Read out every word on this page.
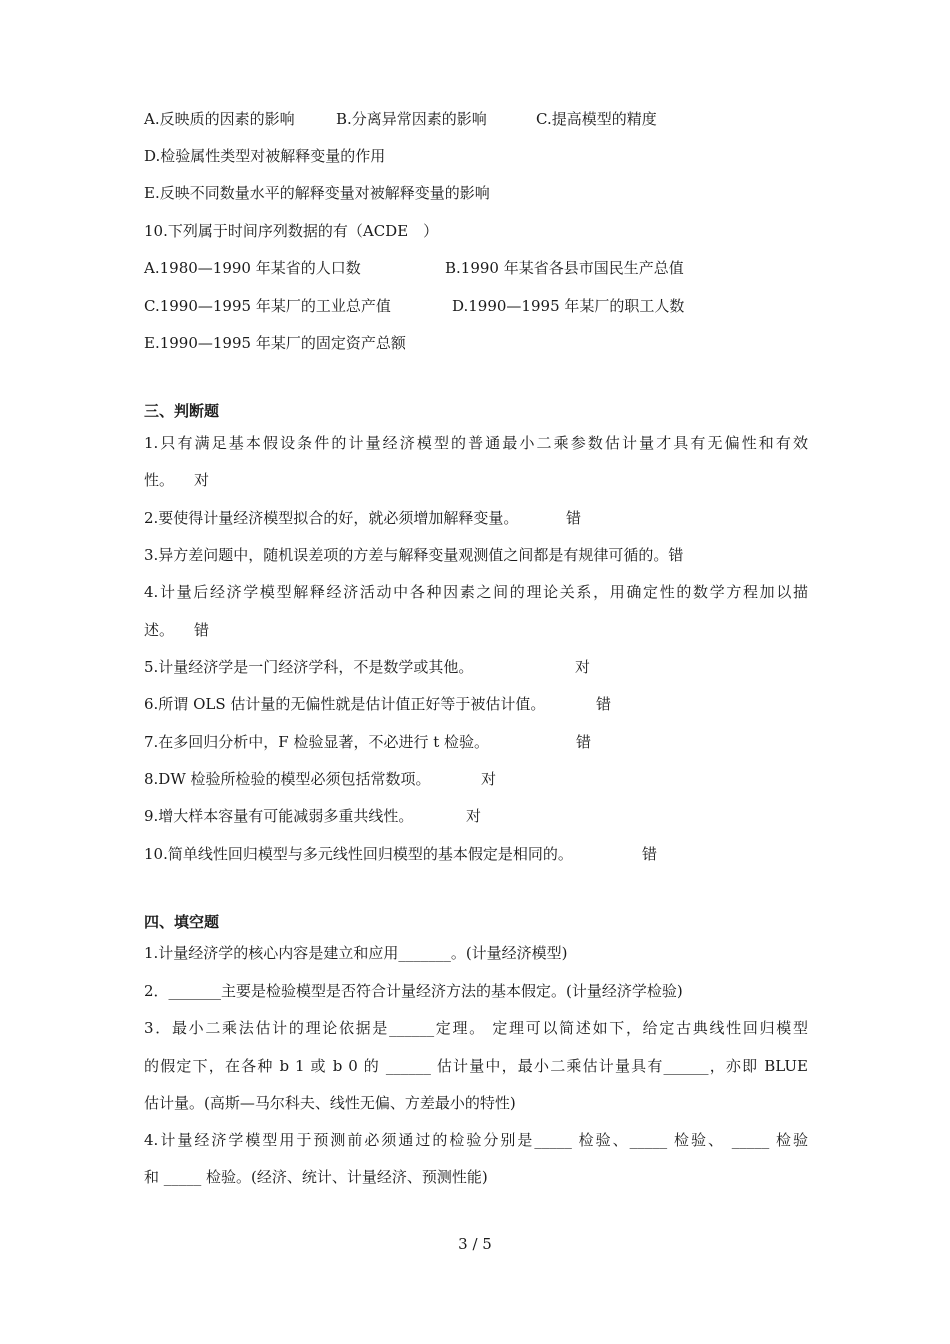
A.反映质的因素的影响	B.分离异常因素的影响	C.提高模型的精度
D.检验属性类型对被解释变量的作用
E.反映不同数量水平的解释变量对被解释变量的影响
10.下列属于时间序列数据的有（ACDE　）
A.1980—1990 年某省的人口数	B.1990 年某省各县市国民生产总值
C.1990—1995 年某厂的工业总产值	D.1990—1995 年某厂的职工人数
E.1990—1995 年某厂的固定资产总额
三、判断题
1.只有满足基本假设条件的计量经济模型的普通最小二乘参数估计量才具有无偏性和有效
性。 对
2.要使得计量经济模型拟合的好，就必须增加解释变量。	错
3.异方差问题中，随机误差项的方差与解释变量观测值之间都是有规律可循的。错
4.计量后经济学模型解释经济活动中各种因素之间的理论关系，用确定性的数学方程加以描
述。 错
5.计量经济学是一门经济学科，不是数学或其他。	对
6.所谓 OLS 估计量的无偏性就是估计值正好等于被估计值。	错
7.在多回归分析中，F 检验显著，不必进行 t 检验。	错
8.DW 检验所检验的模型必须包括常数项。	对
9.增大样本容量有可能减弱多重共线性。	对
10.简单线性回归模型与多元线性回归模型的基本假定是相同的。	错
四、填空题
1.计量经济学的核心内容是建立和应用_______。(计量经济模型)
2．_______主要是检验模型是否符合计量经济方法的基本假定。(计量经济学检验)
3．最小二乘法估计的理论依据是______定理。 定理可以简述如下，给定古典线性回归模型
的假定下，在各种 b 1 或 b 0 的 ______ 估计量中，最小二乘估计量具有______，亦即 BLUE
估计量。(高斯—马尔科夫、线性无偏、方差最小的特性)
4.计量经济学模型用于预测前必须通过的检验分别是_____ 检验、_____ 检验、 _____ 检验
和 _____ 检验。(经济、统计、计量经济、预测性能)
3 / 5
